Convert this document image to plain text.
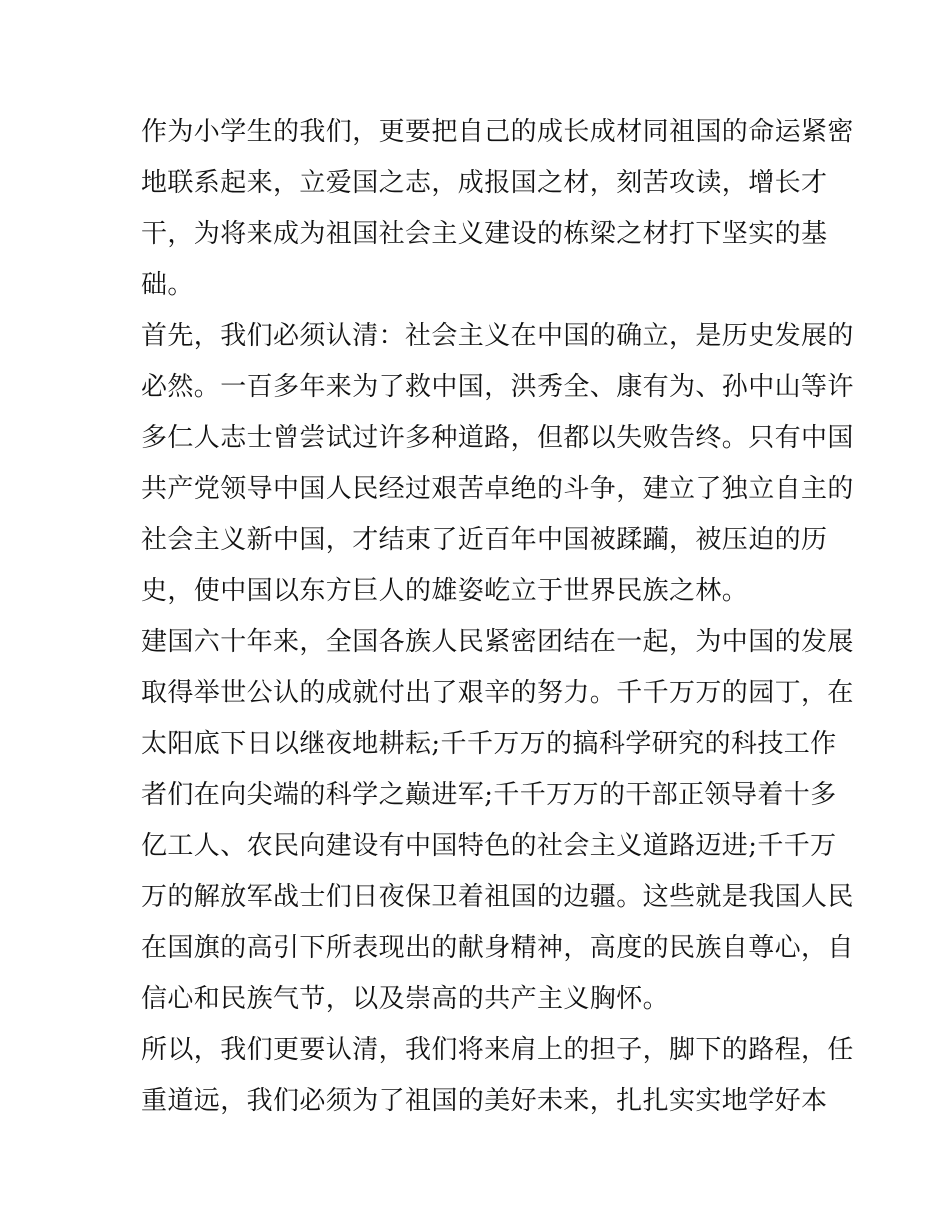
作为小学生的我们，更要把自己的成长成材同祖国的命运紧密
地联系起来，立爱国之志，成报国之材，刻苦攻读，增长才
干，为将来成为祖国社会主义建设的栋梁之材打下坚实的基
础。
首先，我们必须认清：社会主义在中国的确立，是历史发展的
必然。一百多年来为了救中国，洪秀全、康有为、孙中山等许
多仁人志士曾尝试过许多种道路，但都以失败告终。只有中国
共产党领导中国人民经过艰苦卓绝的斗争，建立了独立自主的
社会主义新中国，才结束了近百年中国被蹂躏，被压迫的历
史，使中国以东方巨人的雄姿屹立于世界民族之林。
建国六十年来，全国各族人民紧密团结在一起，为中国的发展
取得举世公认的成就付出了艰辛的努力。千千万万的园丁，在
太阳底下日以继夜地耕耘;千千万万的搞科学研究的科技工作
者们在向尖端的科学之巅进军;千千万万的干部正领导着十多
亿工人、农民向建设有中国特色的社会主义道路迈进;千千万
万的解放军战士们日夜保卫着祖国的边疆。这些就是我国人民
在国旗的高引下所表现出的献身精神，高度的民族自尊心，自
信心和民族气节，以及崇高的共产主义胸怀。
所以，我们更要认清，我们将来肩上的担子，脚下的路程，任
重道远，我们必须为了祖国的美好未来，扎扎实实地学好本
